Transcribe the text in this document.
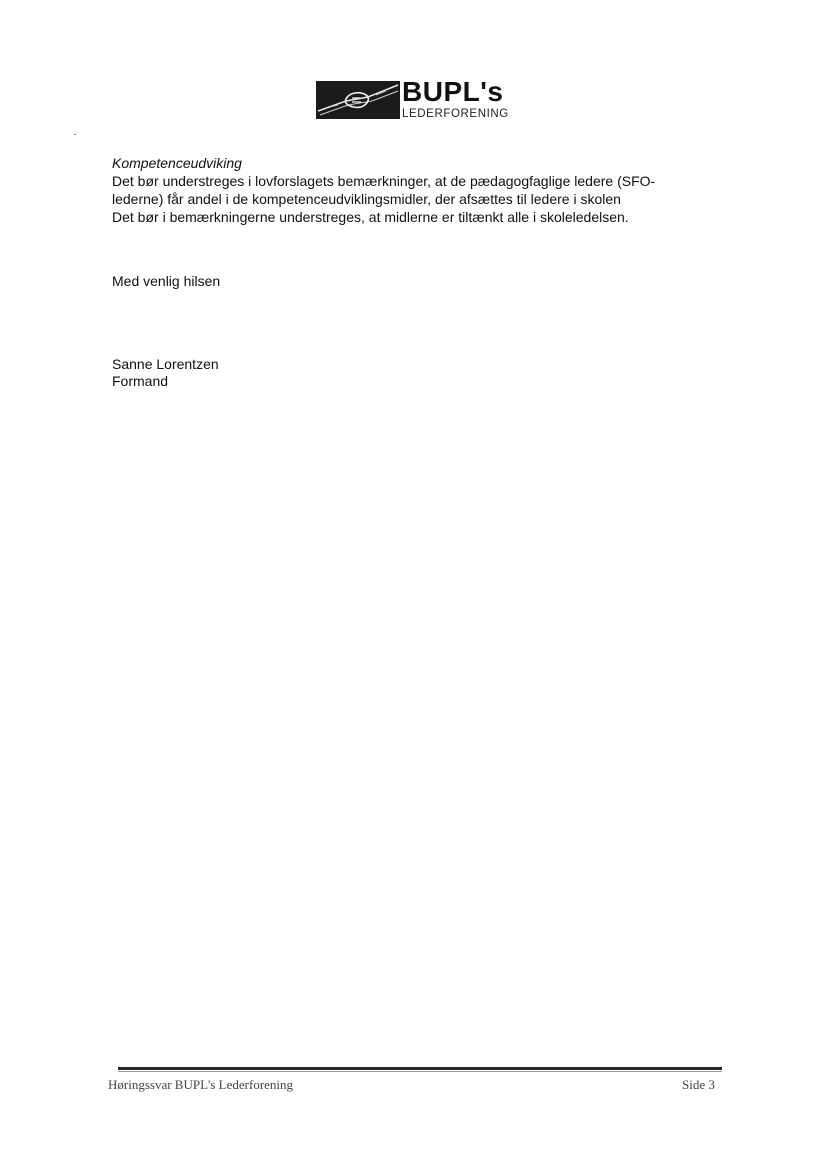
BUPL's
LEDERFORENING

Kompetenceudviking

Det bør understreges i lovforslagets bemærkninger, at de pædagogfaglige ledere (SFO-

lederne) får andel i de kompetenceudviklingsmidler, der afsættes til ledere i skolen

Det bør i bemærkningerne understreges, at midlerne er tiltænkt alle i skoleledelsen.

Med venlig hilsen

Sanne Lorentzen
Formand
Høringssvar BUPL's Lederforening	Side 3
